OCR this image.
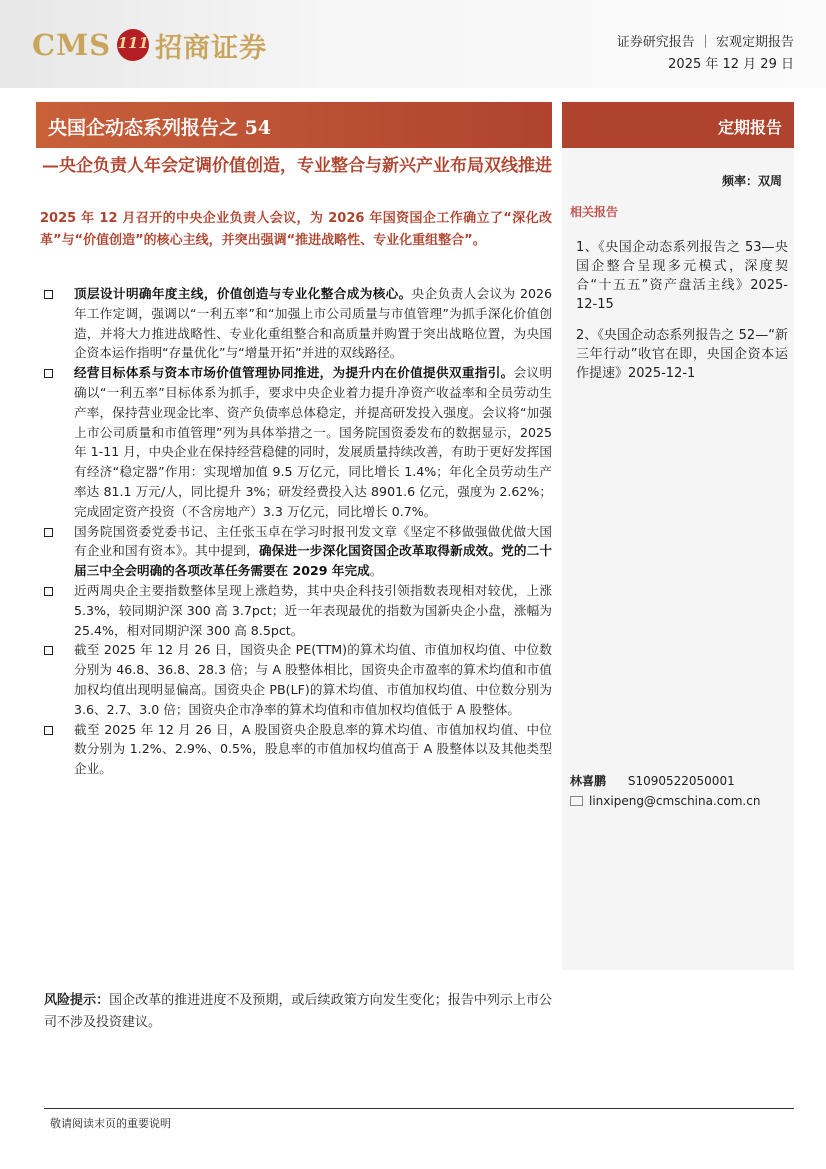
CMS 111 招商证券	证券研究报告 ｜ 宏观定期报告
2025 年 12 月 29 日
央国企动态系列报告之 54	定期报告
—央企负责人年会定调价值创造，专业整合与新兴产业布局双线推进
频率：双周
相关报告
1、《央国企动态系列报告之 53—央国企整合呈现多元模式，深度契合“十五五”资产盘活主线》2025-12-15
2、《央国企动态系列报告之 52—“新三年行动”收官在即，央国企资本运作提速》2025-12-1
2025 年 12 月召开的中央企业负责人会议，为 2026 年国资国企工作确立了“深化改革”与“价值创造”的核心主线，并突出强调“推进战略性、专业化重组整合”。
顶层设计明确年度主线，价值创造与专业化整合成为核心。央企负责人会议为 2026 年工作定调，强调以“一利五率”和“加强上市公司质量与市值管理”为抓手深化价值创造，并将大力推进战略性、专业化重组整合和高质量并购置于突出战略位置，为央国企资本运作指明“存量优化”与“增量开拓”并进的双线路径。
经营目标体系与资本市场价值管理协同推进，为提升内在价值提供双重指引。会议明确以“一利五率”目标体系为抓手，要求中央企业着力提升净资产收益率和全员劳动生产率，保持营业现金比率、资产负债率总体稳定，并提高研发投入强度。会议将“加强上市公司质量和市值管理”列为具体举措之一。国务院国资委发布的数据显示，2025 年 1-11 月，中央企业在保持经营稳健的同时，发展质量持续改善，有助于更好发挥国有经济“稳定器”作用：实现增加值 9.5 万亿元，同比增长 1.4%；年化全员劳动生产率达 81.1 万元/人，同比提升 3%；研发经费投入达 8901.6 亿元，强度为 2.62%；完成固定资产投资（不含房地产）3.3 万亿元，同比增长 0.7%。
国务院国资委党委书记、主任张玉卓在学习时报刊发文章《坚定不移做强做优做大国有企业和国有资本》。其中提到，确保进一步深化国资国企改革取得新成效。党的二十届三中全会明确的各项改革任务需要在 2029 年完成。
近两周央企主要指数整体呈现上涨趋势，其中央企科技引领指数表现相对较优，上涨 5.3%，较同期沪深 300 高 3.7pct；近一年表现最优的指数为国新央企小盘，涨幅为 25.4%，相对同期沪深 300 高 8.5pct。
截至 2025 年 12 月 26 日，国资央企 PE(TTM)的算术均值、市值加权均值、中位数分别为 46.8、36.8、28.3 倍；与 A 股整体相比，国资央企市盈率的算术均值和市值加权均值出现明显偏高。国资央企 PB(LF)的算术均值、市值加权均值、中位数分别为 3.6、2.7、3.0 倍；国资央企市净率的算术均值和市值加权均值低于 A 股整体。
截至 2025 年 12 月 26 日，A 股国资央企股息率的算术均值、市值加权均值、中位数分别为 1.2%、2.9%、0.5%，股息率的市值加权均值高于 A 股整体以及其他类型企业。
林喜鹏 S1090522050001
linxipeng@cmschina.com.cn
风险提示：国企改革的推进进度不及预期，或后续政策方向发生变化；报告中列示上市公司不涉及投资建议。
敬请阅读末页的重要说明
